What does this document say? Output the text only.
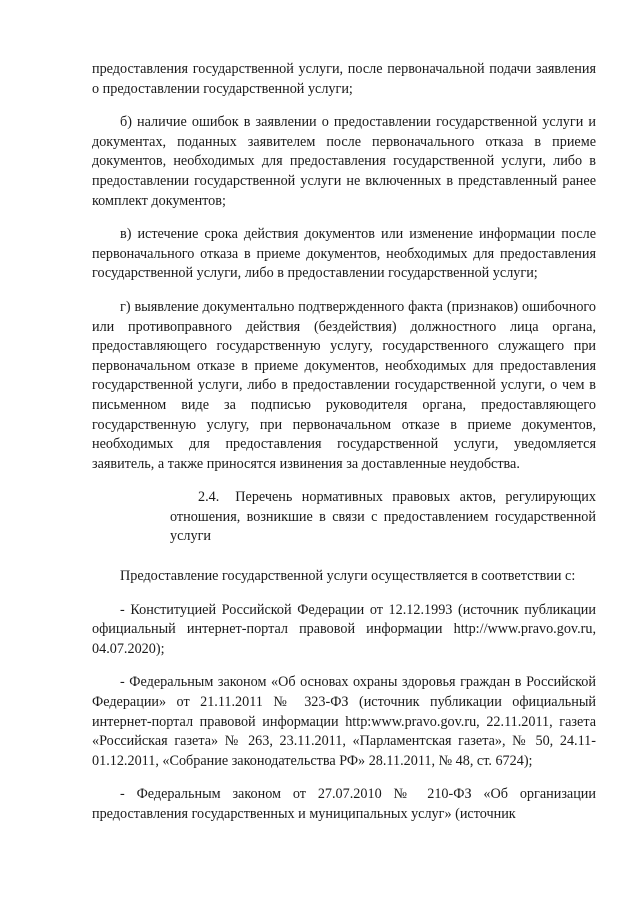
предоставления государственной услуги, после первоначальной подачи заявления о предоставлении государственной услуги;

б) наличие ошибок в заявлении о предоставлении государственной услуги и документах, поданных заявителем после первоначального отказа в приеме документов, необходимых для предоставления государственной услуги, либо в предоставлении государственной услуги не включенных в представленный ранее комплект документов;

в) истечение срока действия документов или изменение информации после первоначального отказа в приеме документов, необходимых для предоставления государственной услуги, либо в предоставлении государственной услуги;

г) выявление документально подтвержденного факта (признаков) ошибочного или противоправного действия (бездействия) должностного лица органа, предоставляющего государственную услугу, государственного служащего при первоначальном отказе в приеме документов, необходимых для предоставления государственной услуги, либо в предоставлении государственной услуги, о чем в письменном виде за подписью руководителя органа, предоставляющего государственную услугу, при первоначальном отказе в приеме документов, необходимых для предоставления государственной услуги, уведомляется заявитель, а также приносятся извинения за доставленные неудобства.

2.4. Перечень нормативных правовых актов, регулирующих отношения, возникшие в связи с предоставлением государственной услуги

Предоставление государственной услуги осуществляется в соответствии с:

- Конституцией Российской Федерации от 12.12.1993 (источник публикации официальный интернет-портал правовой информации http://www.pravo.gov.ru, 04.07.2020);

- Федеральным законом «Об основах охраны здоровья граждан в Российской Федерации» от 21.11.2011 № 323-ФЗ (источник публикации официальный интернет-портал правовой информации http:www.pravo.gov.ru, 22.11.2011, газета «Российская газета» № 263, 23.11.2011, «Парламентская газета», № 50, 24.11-01.12.2011, «Собрание законодательства РФ» 28.11.2011, № 48, ст. 6724);

- Федеральным законом от 27.07.2010 № 210-ФЗ «Об организации предоставления государственных и муниципальных услуг» (источник
